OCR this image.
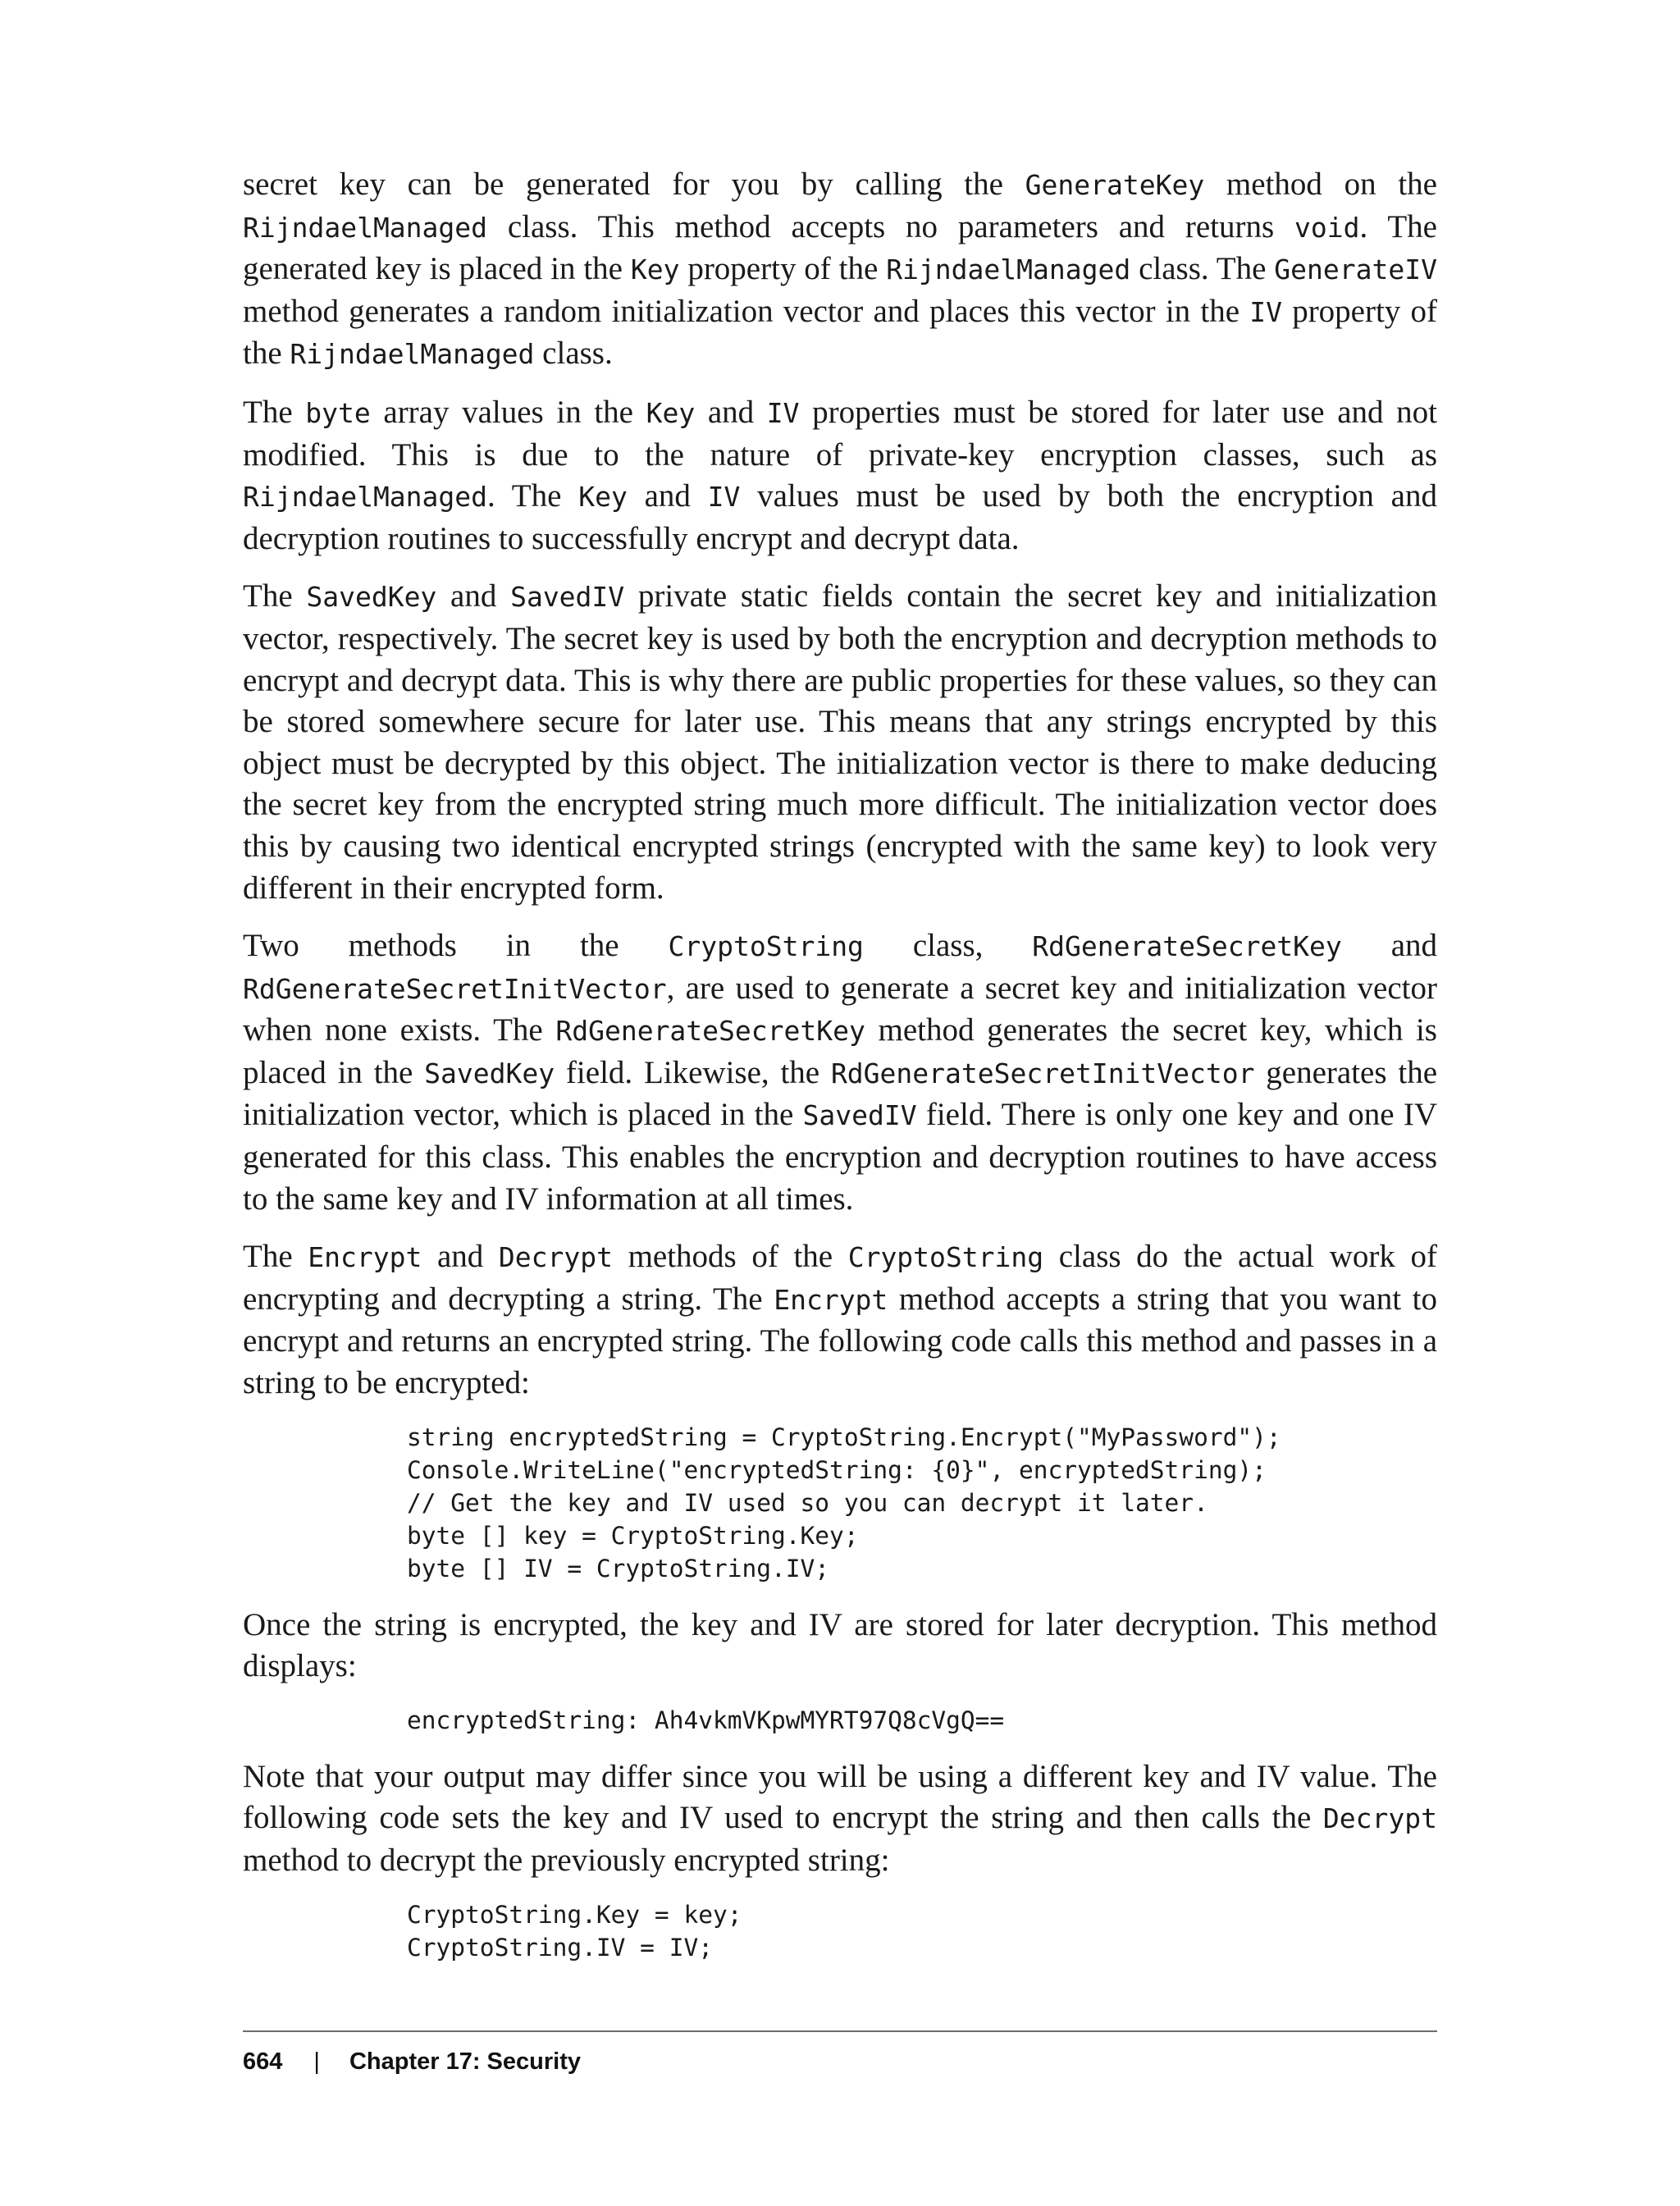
secret key can be generated for you by calling the GenerateKey method on the RijndaelManaged class. This method accepts no parameters and returns void. The generated key is placed in the Key property of the RijndaelManaged class. The GenerateIV method generates a random initialization vector and places this vector in the IV property of the RijndaelManaged class.

The byte array values in the Key and IV properties must be stored for later use and not modified. This is due to the nature of private-key encryption classes, such as RijndaelManaged. The Key and IV values must be used by both the encryption and decryption routines to successfully encrypt and decrypt data.

The SavedKey and SavedIV private static fields contain the secret key and initialization vector, respectively. The secret key is used by both the encryption and decryption methods to encrypt and decrypt data. This is why there are public properties for these values, so they can be stored somewhere secure for later use. This means that any strings encrypted by this object must be decrypted by this object. The initialization vector is there to make deducing the secret key from the encrypted string much more difficult. The initialization vector does this by causing two identical encrypted strings (encrypted with the same key) to look very different in their encrypted form.

Two methods in the CryptoString class, RdGenerateSecretKey and RdGenerateSecretInitVector, are used to generate a secret key and initialization vector when none exists. The RdGenerateSecretKey method generates the secret key, which is placed in the SavedKey field. Likewise, the RdGenerateSecretInitVector generates the initialization vector, which is placed in the SavedIV field. There is only one key and one IV generated for this class. This enables the encryption and decryption routines to have access to the same key and IV information at all times.

The Encrypt and Decrypt methods of the CryptoString class do the actual work of encrypting and decrypting a string. The Encrypt method accepts a string that you want to encrypt and returns an encrypted string. The following code calls this method and passes in a string to be encrypted:

string encryptedString = CryptoString.Encrypt("MyPassword");
Console.WriteLine("encryptedString: {0}", encryptedString);
// Get the key and IV used so you can decrypt it later.
byte [] key = CryptoString.Key;
byte [] IV = CryptoString.IV;

Once the string is encrypted, the key and IV are stored for later decryption. This method displays:

encryptedString: Ah4vkmVKpwMYRT97Q8cVgQ==

Note that your output may differ since you will be using a different key and IV value. The following code sets the key and IV used to encrypt the string and then calls the Decrypt method to decrypt the previously encrypted string:

CryptoString.Key = key;
CryptoString.IV = IV;
664 | Chapter 17: Security
